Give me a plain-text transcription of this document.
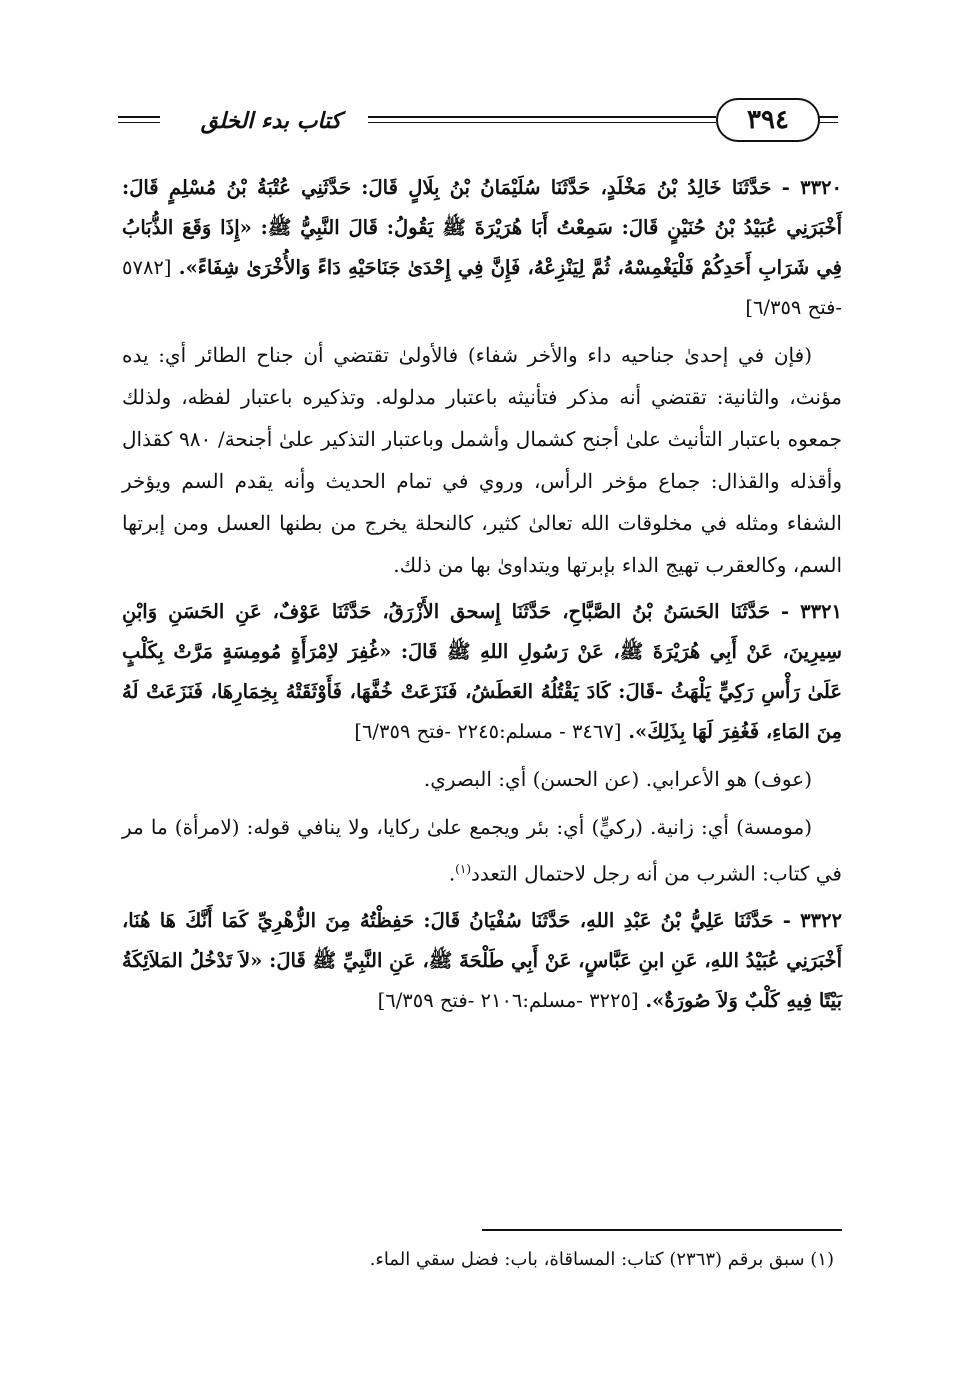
كتاب بدء الخلق	٣٩٤

٣٣٢٠ - حَدَّثَنَا خَالِدُ بْنُ مَخْلَدٍ، حَدَّثَنَا سُلَيْمَانُ بْنُ بِلَالٍ قَالَ: حَدَّثَنِي عُتْبَةُ بْنُ مُسْلِمٍ قَالَ: أَخْبَرَنِي عُبَيْدُ بْنُ حُنَيْنٍ قَالَ: سَمِعْتُ أَبَا هُرَيْرَةَ ﷺ يَقُولُ: قَالَ النَّبِيُّ ﷺ: «إِذَا وَقَعَ الذُّبَابُ فِي شَرَابِ أَحَدِكُمْ فَلْيَغْمِسْهُ، ثُمَّ لِيَنْزِعْهُ، فَإِنَّ فِي إِحْدَىٰ جَنَاحَيْهِ دَاءً وَالأُخْرَىٰ شِفَاءً». [٥٧٨٢ -فتح ٦/٣٥٩]

(فإن في إحدىٰ جناحيه داء والأخر شفاء) فالأولىٰ تقتضي أن جناح الطائر أي: يده مؤنث، والثانية: تقتضي أنه مذكر فتأنيثه باعتبار مدلوله. وتذكيره باعتبار لفظه، ولذلك جمعوه باعتبار التأنيث علىٰ أجنح كشمال وأشمل وباعتبار التذكير علىٰ أجنحة/ ٩٨٠ كقذال وأقذله والقذال: جماع مؤخر الرأس، وروي في تمام الحديث وأنه يقدم السم ويؤخر الشفاء ومثله في مخلوقات الله تعالىٰ كثير، كالنحلة يخرج من بطنها العسل ومن إبرتها السم، وكالعقرب تهيج الداء بإبرتها ويتداوىٰ بها من ذلك.

٣٣٢١ - حَدَّثَنَا الحَسَنُ بْنُ الصَّبَّاحِ، حَدَّثَنَا إِسحق الأَزْرَقُ، حَدَّثَنَا عَوْفٌ، عَنِ الحَسَنِ وَابْنِ سِيرِينَ، عَنْ أَبِي هُرَيْرَةَ ﷺ، عَنْ رَسُولِ اللهِ ﷺ قَالَ: «غُفِرَ لاِمْرَأَةٍ مُومِسَةٍ مَرَّتْ بِكَلْبٍ عَلَىٰ رَأْسِ رَكِيٍّ يَلْهَثُ -قَالَ: كَادَ يَقْتُلُهُ العَطَشُ، فَنَزَعَتْ خُفَّهَا، فَأَوْثَقَتْهُ بِخِمَارِهَا، فَنَزَعَتْ لَهُ مِنَ المَاءِ، فَغُفِرَ لَهَا بِذَلِكَ». [٣٤٦٧ - مسلم:٢٢٤٥ -فتح ٦/٣٥٩]

(عوف) هو الأعرابي. (عن الحسن) أي: البصري.

(مومسة) أي: زانية. (ركيٍّ) أي: بئر ويجمع علىٰ ركايا، ولا ينافي قوله: (لامرأة) ما مر في كتاب: الشرب من أنه رجل لاحتمال التعدد$^{(١)}$.

٣٣٢٢ - حَدَّثَنَا عَلِيُّ بْنُ عَبْدِ اللهِ، حَدَّثَنَا سُفْيَانُ قَالَ: حَفِظْتُهُ مِنَ الزُّهْرِيِّ كَمَا أَنَّكَ هَا هُنَا، أَخْبَرَنِي عُبَيْدُ اللهِ، عَنِ ابنِ عَبَّاسٍ، عَنْ أَبِي طَلْحَةَ ﷺ، عَنِ النَّبِيِّ ﷺ قَالَ: «لاَ تَدْخُلُ المَلاَئِكَةُ بَيْتًا فِيهِ كَلْبٌ وَلاَ صُورَةٌ». [٣٢٢٥ -مسلم:٢١٠٦ -فتح ٦/٣٥٩]

(١) سبق برقم (٢٣٦٣) كتاب: المساقاة، باب: فضل سقي الماء.
